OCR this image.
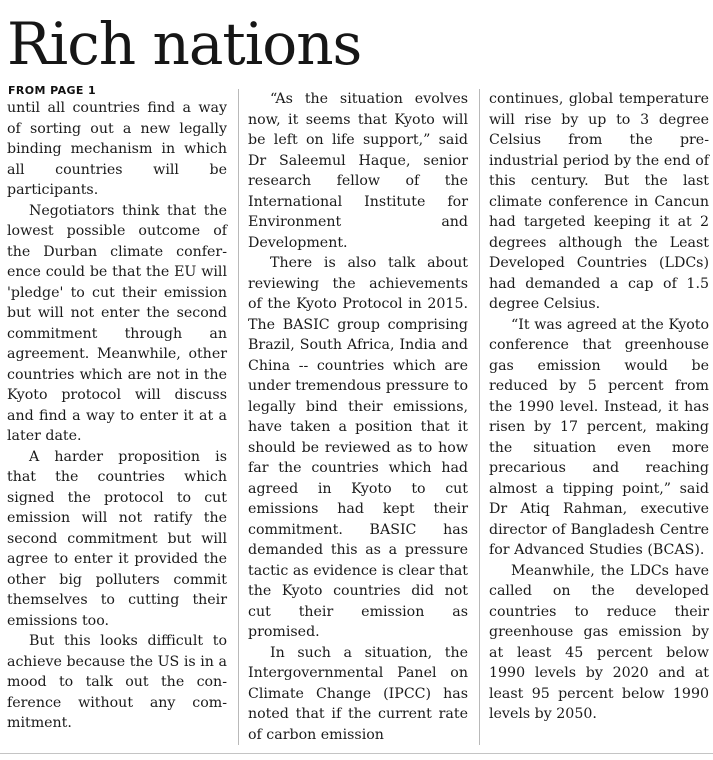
Rich nations
FROM PAGE 1

until all countries find a way of sorting out a new legally binding mechanism in which all countries will be participants.

Negotiators think that the lowest possible outcome of the Durban climate conference could be that the EU will 'pledge' to cut their emission but will not enter the second commitment through an agreement. Meanwhile, other countries which are not in the Kyoto protocol will discuss and find a way to enter it at a later date.

A harder proposition is that the countries which signed the protocol to cut emission will not ratify the second commitment but will agree to enter it provided the other big polluters commit themselves to cutting their emissions too.

But this looks difficult to achieve because the US is in a mood to talk out the conference without any commitment.

“As the situation evolves now, it seems that Kyoto will be left on life support,” said Dr Saleemul Haque, senior research fellow of the International Institute for Environment and Development.

There is also talk about reviewing the achievements of the Kyoto Protocol in 2015. The BASIC group comprising Brazil, South Africa, India and China -- countries which are under tremendous pressure to legally bind their emissions, have taken a position that it should be reviewed as to how far the countries which had agreed in Kyoto to cut emissions had kept their commitment. BASIC has demanded this as a pressure tactic as evidence is clear that the Kyoto countries did not cut their emission as promised.

In such a situation, the Intergovernmental Panel on Climate Change (IPCC) has noted that if the current rate of carbon emission

continues, global temperature will rise by up to 3 degree Celsius from the pre-industrial period by the end of this century. But the last climate conference in Cancun had targeted keeping it at 2 degrees although the Least Developed Countries (LDCs) had demanded a cap of 1.5 degree Celsius.

“It was agreed at the Kyoto conference that greenhouse gas emission would be reduced by 5 percent from the 1990 level. Instead, it has risen by 17 percent, making the situation even more precarious and reaching almost a tipping point,” said Dr Atiq Rahman, executive director of Bangladesh Centre for Advanced Studies (BCAS).

Meanwhile, the LDCs have called on the developed countries to reduce their greenhouse gas emission by at least 45 percent below 1990 levels by 2020 and at least 95 percent below 1990 levels by 2050.
